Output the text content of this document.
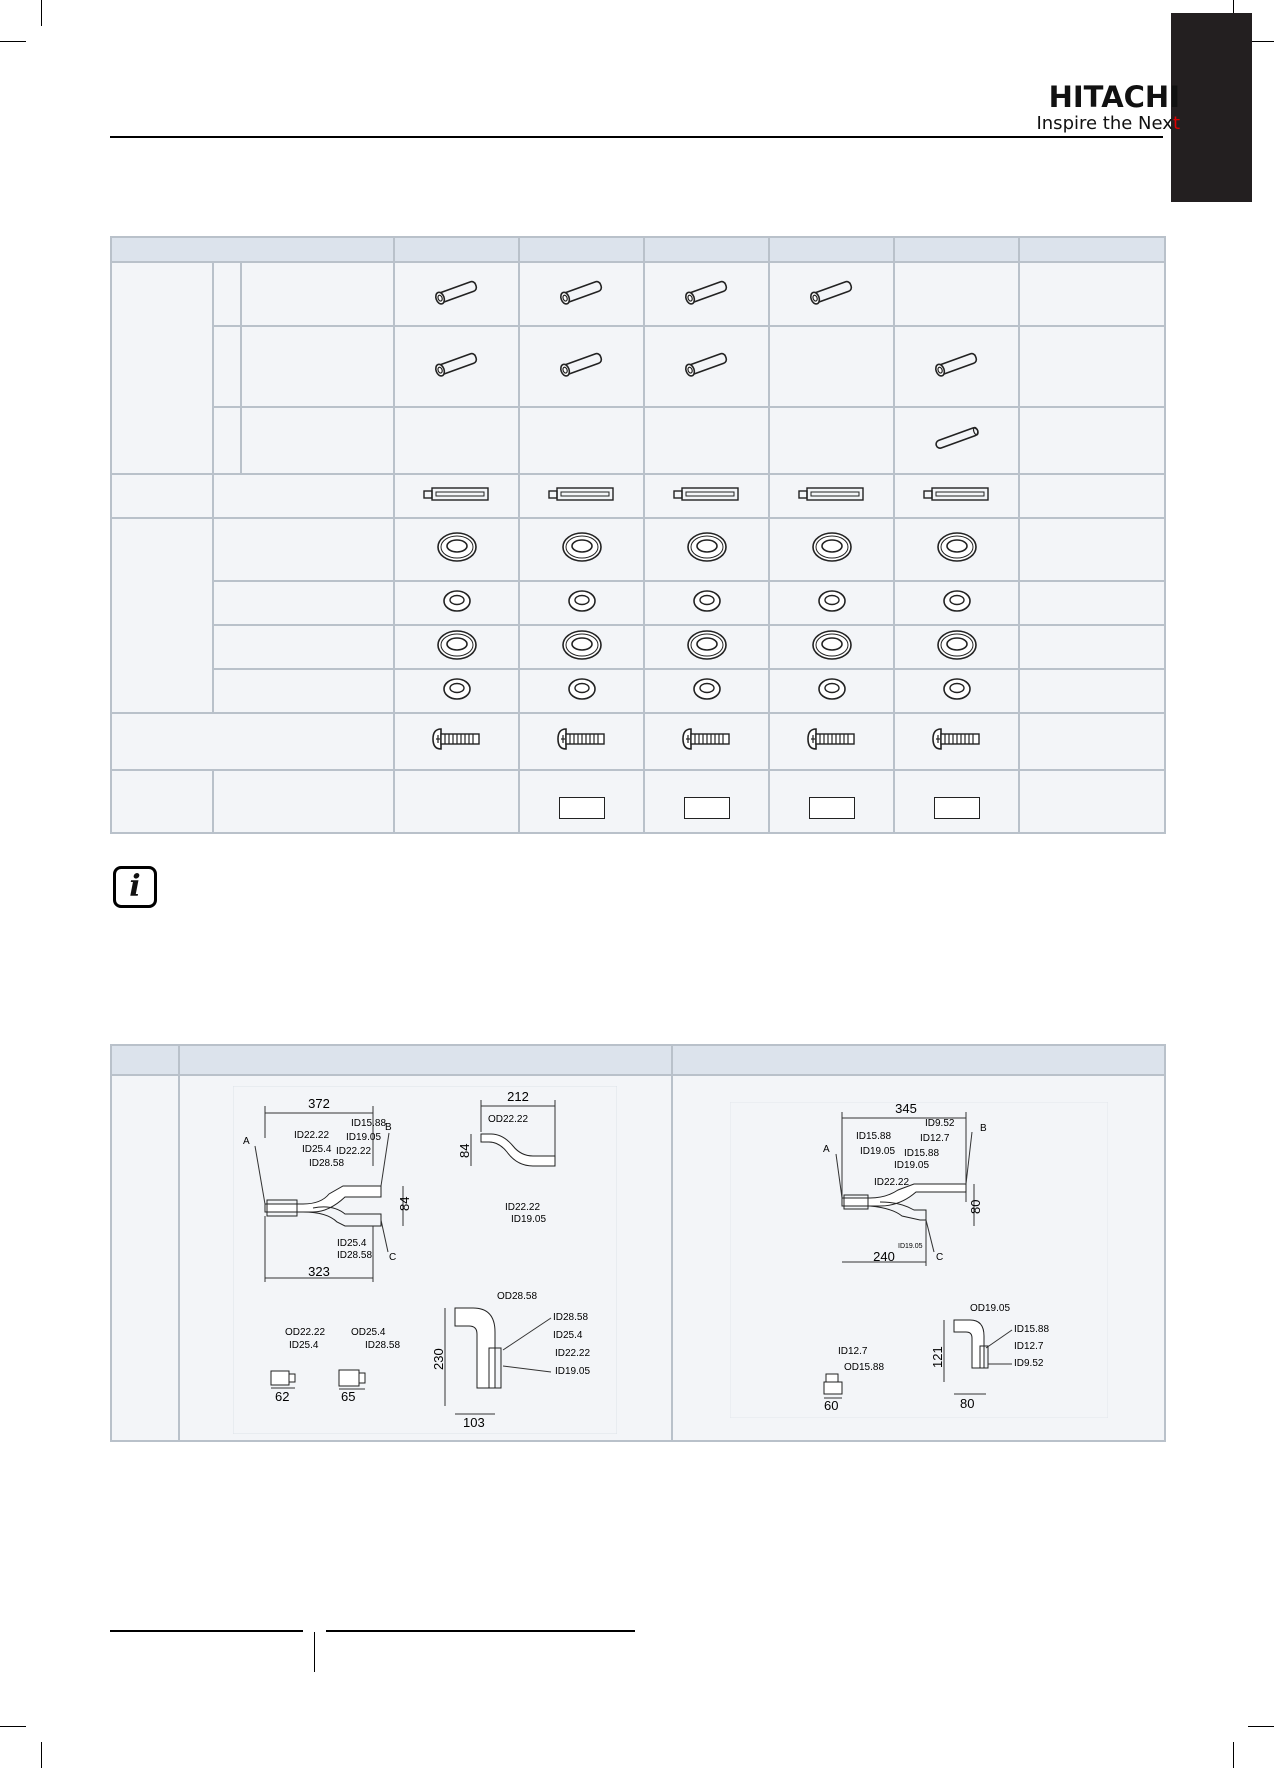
HITACHI
Inspire the Next

i

372
A
B
C
ID22.22
ID25.4
ID28.58
ID15.88
ID19.05
ID22.22
ID25.4
ID28.58
84
323
212
OD22.22
84
ID22.22
ID19.05
OD22.22
ID25.4
62
OD25.4
ID28.58
65
OD28.58
ID28.58
ID25.4
ID22.22
ID19.05
230
103
345
A
B
C
ID15.88
ID19.05
ID22.22
ID9.52
ID12.7
ID15.88
ID19.05
ID19.05
80
240
ID12.7
OD15.88
60
OD19.05
ID15.88
ID12.7
ID9.52
121
80
